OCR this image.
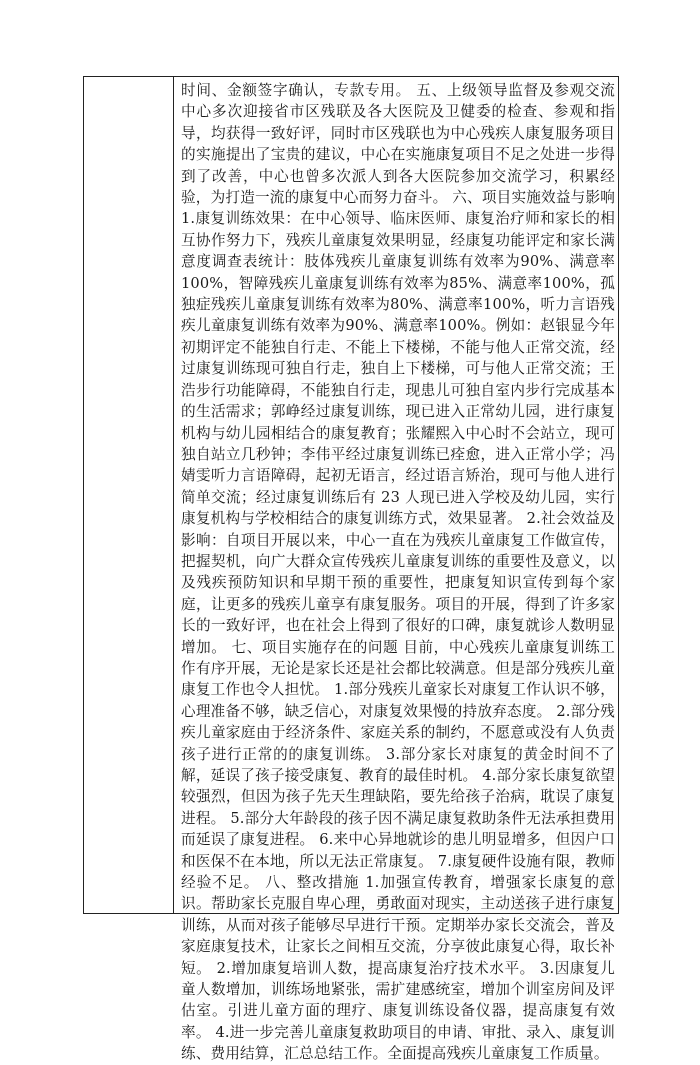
时间、金额签字确认，专款专用。 五、上级领导监督及参观交流 中心多次迎接省市区残联及各大医院及卫健委的检查、参观和指导，均获得一致好评，同时市区残联也为中心残疾人康复服务项目的实施提出了宝贵的建议，中心在实施康复项目不足之处进一步得到了改善，中心也曾多次派人到各大医院参加交流学习，积累经验，为打造一流的康复中心而努力奋斗。 六、项目实施效益与影响 1.康复训练效果：在中心领导、临床医师、康复治疗师和家长的相互协作努力下，残疾儿童康复效果明显，经康复功能评定和家长满意度调查表统计：肢体残疾儿童康复训练有效率为90%、满意率100%，智障残疾儿童康复训练有效率为85%、满意率100%，孤独症残疾儿童康复训练有效率为80%、满意率100%，听力言语残疾儿童康复训练有效率为90%、满意率100%。例如：赵银显今年初期评定不能独自行走、不能上下楼梯，不能与他人正常交流，经过康复训练现可独自行走，独自上下楼梯，可与他人正常交流；王浩步行功能障碍，不能独自行走，现患儿可独自室内步行完成基本的生活需求；郭峥经过康复训练，现已进入正常幼儿园，进行康复机构与幼儿园相结合的康复教育；张耀熙入中心时不会站立，现可独自站立几秒钟；李伟平经过康复训练已痊愈，进入正常小学；冯婧雯听力言语障碍，起初无语言，经过语言矫治，现可与他人进行简单交流；经过康复训练后有 23 人现已进入学校及幼儿园，实行康复机构与学校相结合的康复训练方式，效果显著。 2.社会效益及影响：自项目开展以来，中心一直在为残疾儿童康复工作做宣传，把握契机，向广大群众宣传残疾儿童康复训练的重要性及意义，以及残疾预防知识和早期干预的重要性，把康复知识宣传到每个家庭，让更多的残疾儿童享有康复服务。项目的开展，得到了许多家长的一致好评，也在社会上得到了很好的口碑，康复就诊人数明显增加。 七、项目实施存在的问题 目前，中心残疾儿童康复训练工作有序开展，无论是家长还是社会都比较满意。但是部分残疾儿童康复工作也令人担忧。 1.部分残疾儿童家长对康复工作认识不够，心理准备不够，缺乏信心，对康复效果慢的持放弃态度。 2.部分残疾儿童家庭由于经济条件、家庭关系的制约，不愿意或没有人负责孩子进行正常的的康复训练。 3.部分家长对康复的黄金时间不了解，延误了孩子接受康复、教育的最佳时机。 4.部分家长康复欲望较强烈，但因为孩子先天生理缺陷，要先给孩子治病，耽误了康复进程。 5.部分大年龄段的孩子因不满足康复救助条件无法承担费用而延误了康复进程。 6.来中心异地就诊的患儿明显增多，但因户口和医保不在本地，所以无法正常康复。 7.康复硬件设施有限，教师经验不足。 八、整改措施 1.加强宣传教育，增强家长康复的意识。帮助家长克服自卑心理，勇敢面对现实，主动送孩子进行康复训练，从而对孩子能够尽早进行干预。定期举办家长交流会，普及家庭康复技术，让家长之间相互交流，分享彼此康复心得，取长补短。 2.增加康复培训人数，提高康复治疗技术水平。 3.因康复儿童人数增加，训练场地紧张，需扩建感统室，增加个训室房间及评估室。引进儿童方面的理疗、康复训练设备仪器，提高康复有效率。 4.进一步完善儿童康复救助项目的申请、审批、录入、康复训练、费用结算，汇总总结工作。全面提高残疾儿童康复工作质量。
